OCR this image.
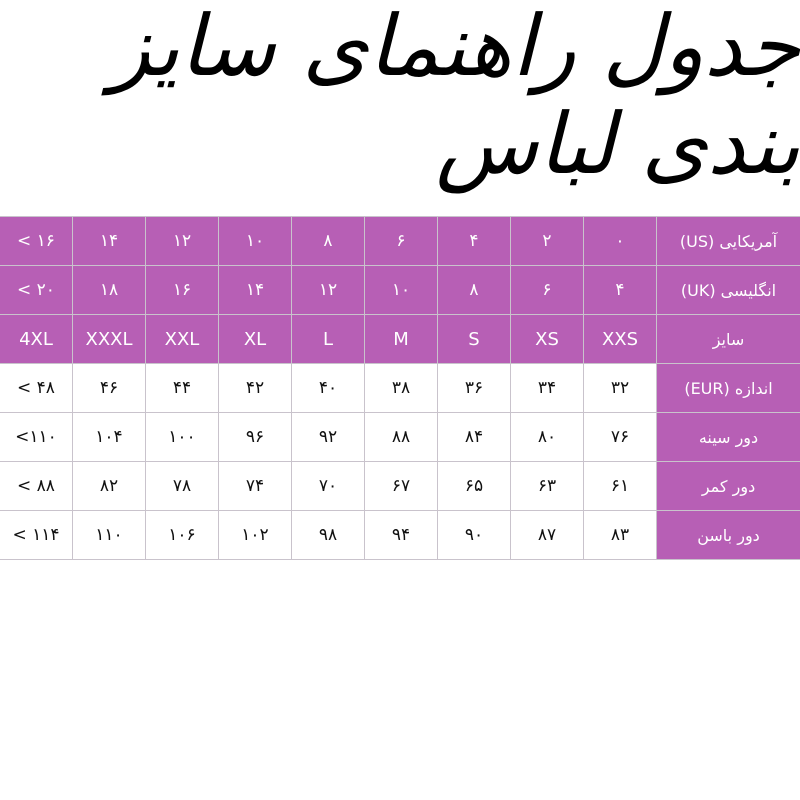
جدول راهنمای سایز بندی لباس
< ۱۶	۱۴	۱۲	۱۰	۸	۶	۴	۲	۰	آمریکایی (US)
< ۲۰	۱۸	۱۶	۱۴	۱۲	۱۰	۸	۶	۴	انگلیسی (UK)
4XL	XXXL	XXL	XL	L	M	S	XS	XXS	سایز
< ۴۸	۴۶	۴۴	۴۲	۴۰	۳۸	۳۶	۳۴	۳۲	اندازه (EUR)
<۱۱۰	۱۰۴	۱۰۰	۹۶	۹۲	۸۸	۸۴	۸۰	۷۶	دور سینه
< ۸۸	۸۲	۷۸	۷۴	۷۰	۶۷	۶۵	۶۳	۶۱	دور کمر
< ۱۱۴	۱۱۰	۱۰۶	۱۰۲	۹۸	۹۴	۹۰	۸۷	۸۳	دور باسن
